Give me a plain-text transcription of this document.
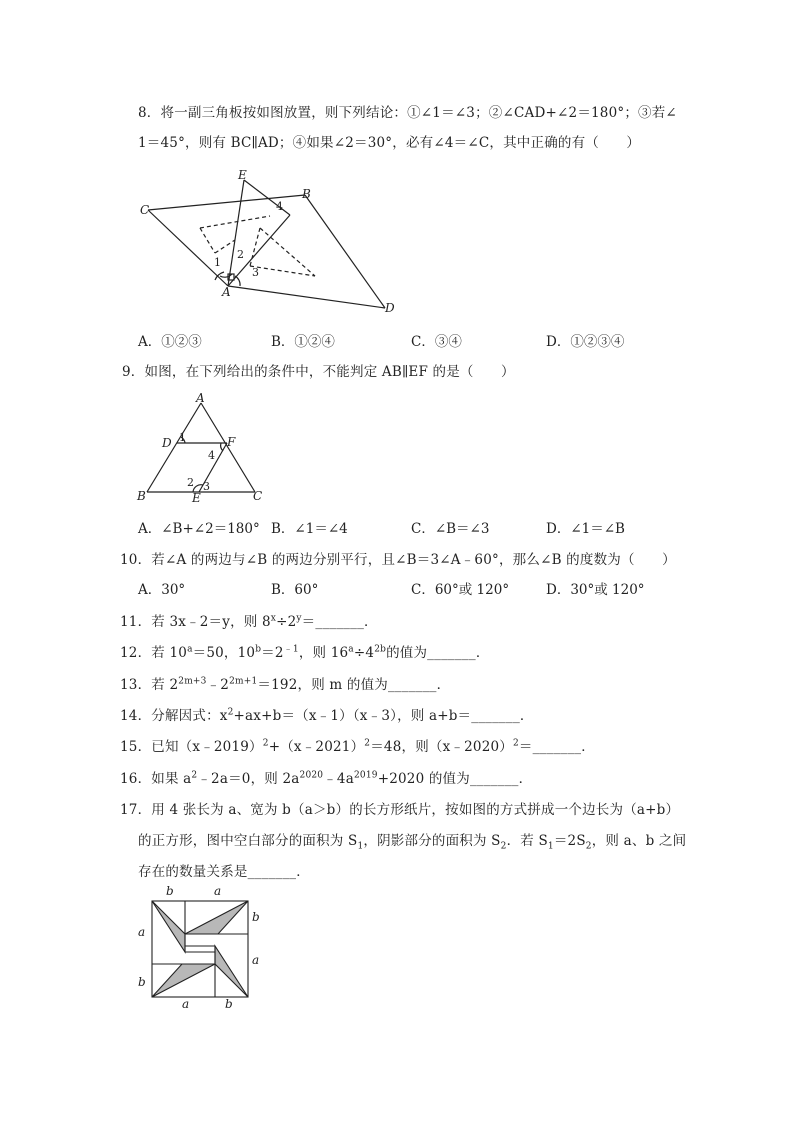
8．将一副三角板按如图放置，则下列结论：①∠1＝∠3；②∠CAD+∠2＝180°；③若∠
1＝45°，则有 BC∥AD；④如果∠2＝30°，必有∠4＝∠C，其中正确的有（　　）
E
B
C	4
2
1
3
A
D
A．①②③	B．①②④	C．③④	D．①②③④
9．如图，在下列给出的条件中，不能判定 AB∥EF 的是（　　）
A
D 1	F
4
B
2 3
E	C
A．∠B+∠2＝180° B．∠1＝∠4	C．∠B＝∠3	D．∠1＝∠B
10．若∠A 的两边与∠B 的两边分别平行，且∠B＝3∠A﹣60°，那么∠B 的度数为（　　）
A．30°	B．60°	C．60°或 120°	D．30°或 120°
11．若 3x﹣2＝y，则 $8^x\div 2^y=\_\_\_\_\_\_\_$．
12．若 $10^a=50$，$10^b=2^{﹣1}$，则 $16^a\div 4^{2b}$的值为_______．
13．若 $2^{2m+3}﹣2^{2m+1}=192$，则 m 的值为_______．
14．分解因式：$x^2+ax+b=(x﹣1)(x﹣3)$，则 a+b＝_______．
15．已知（x﹣2019）$^2$+（x﹣2021）$^2$＝48，则（x﹣2020）$^2$＝_______．
16．如果 $a^2﹣2a=0$，则 $2a^{2020}﹣4a^{2019}+2020$ 的值为_______．
17．用 4 张长为 a、宽为 b（a＞b）的长方形纸片，按如图的方式拼成一个边长为（a+b）
的正方形，图中空白部分的面积为 $S_1$，阴影部分的面积为 $S_2$．若 $S_1=2S_2$，则 a、b 之间
存在的数量关系是_______．
b	a
b
a
a
b
a	b
